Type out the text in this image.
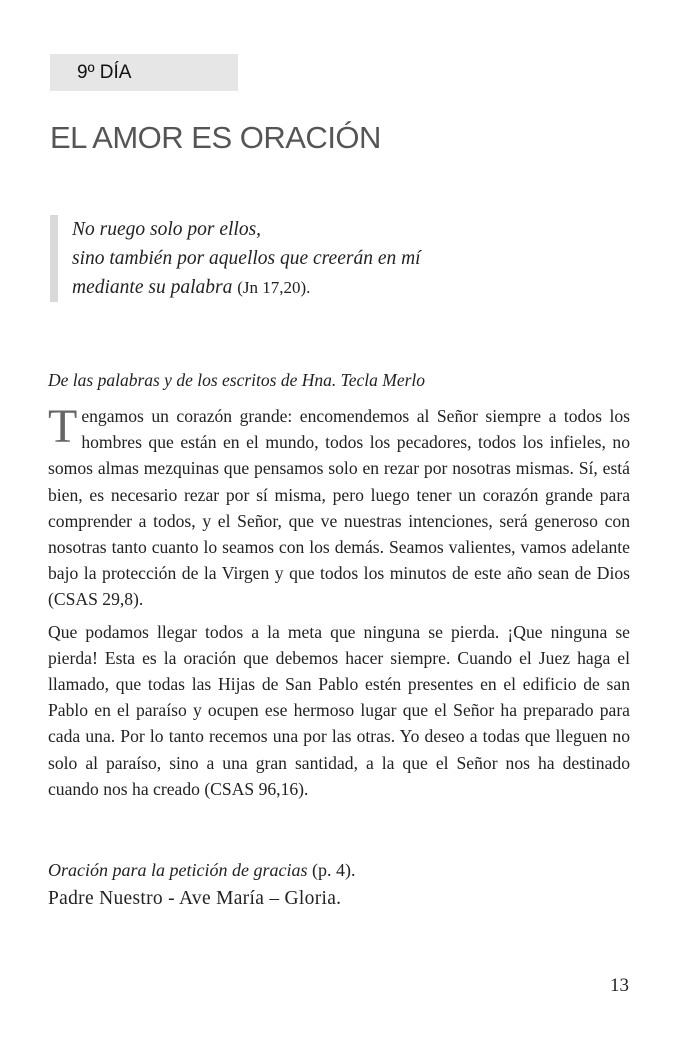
9º DÍA
EL AMOR ES ORACIÓN
No ruego solo por ellos,
sino también por aquellos que creerán en mí
mediante su palabra (Jn 17,20).
De las palabras y de los escritos de Hna. Tecla Merlo

Tengamos un corazón grande: encomendemos al Señor siempre a todos los hombres que están en el mundo, todos los pecadores, todos los infieles, no somos almas mezquinas que pensamos solo en rezar por nosotras mismas. Sí, está bien, es necesario rezar por sí misma, pero luego tener un corazón grande para comprender a todos, y el Señor, que ve nuestras intenciones, será generoso con nosotras tanto cuanto lo seamos con los demás. Seamos valientes, vamos adelante bajo la protección de la Virgen y que todos los minutos de este año sean de Dios (CSAS 29,8).

Que podamos llegar todos a la meta que ninguna se pierda. ¡Que ninguna se pierda! Esta es la oración que debemos hacer siempre. Cuando el Juez haga el llamado, que todas las Hijas de San Pablo estén presentes en el edificio de san Pablo en el paraíso y ocupen ese hermoso lugar que el Señor ha preparado para cada una. Por lo tanto recemos una por las otras. Yo deseo a todas que lleguen no solo al paraíso, sino a una gran santidad, a la que el Señor nos ha destinado cuando nos ha creado (CSAS 96,16).

Oración para la petición de gracias (p. 4).
Padre Nuestro - Ave María – Gloria.
13
